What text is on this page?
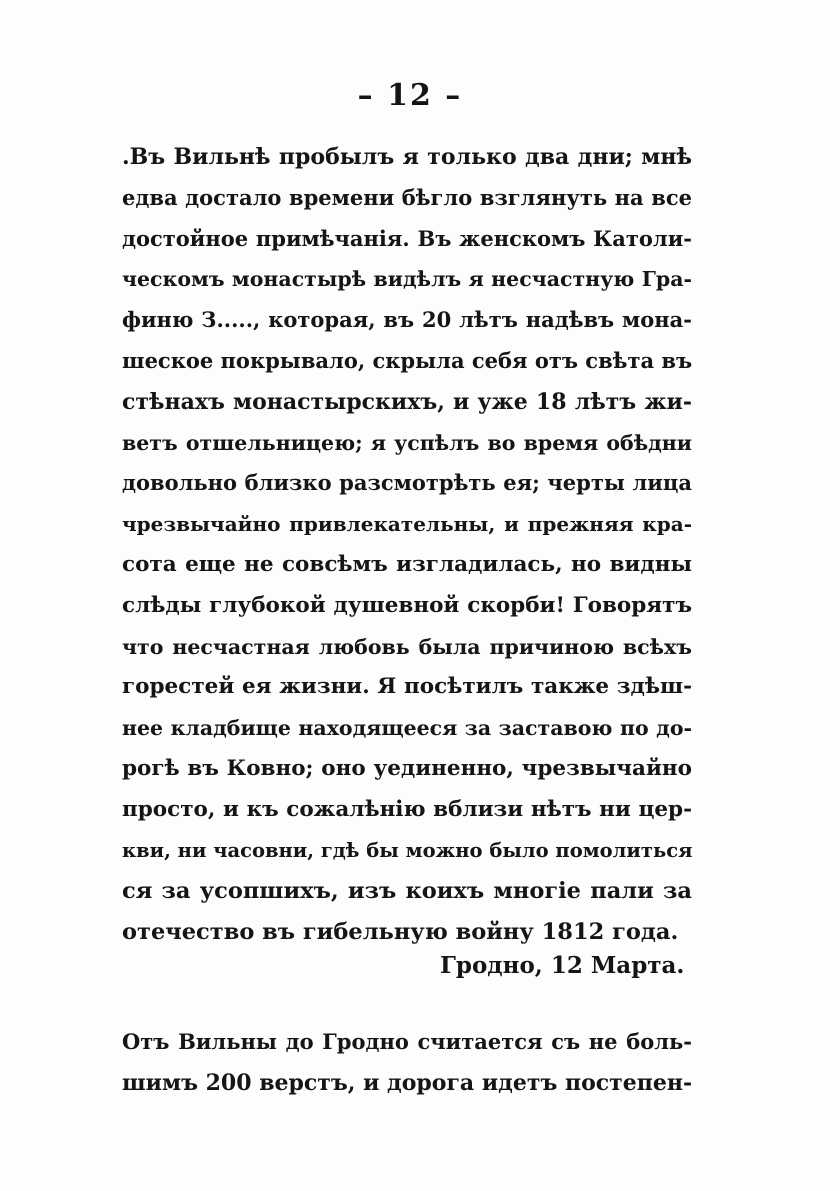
– 12 –
.Въ Вильнѣ пробылъ я только два дни; мнѣ
едва достало времени бѣгло взглянуть на все
достойное примѣчанія. Въ женскомъ Католи-
ческомъ монастырѣ видѣлъ я несчастную Гра-
финю З....., которая, въ 20 лѣтъ надѣвъ мона-
шеское покрывало, скрыла себя отъ свѣта въ
стѣнахъ монастырскихъ, и уже 18 лѣтъ жи-
ветъ отшельницею; я успѣлъ во время обѣдни
довольно близко разсмотрѣть ея; черты лица
чрезвычайно привлекательны, и прежняя кра-
сота еще не совсѣмъ изгладилась, но видны
слѣды глубокой душевной скорби! Говорятъ
что несчастная любовь была причиною всѣхъ
горестей ея жизни. Я посѣтилъ также здѣш-
нее кладбище находящееся за заставою по до-
рогѣ въ Ковно; оно уединенно, чрезвычайно
просто, и къ сожалѣнію вблизи нѣтъ ни цер-
кви, ни часовни, гдѣ бы можно было помолиться
ся за усопшихъ, изъ коихъ многіе пали за
отечество въ гибельную войну 1812 года.
Гродно, 12 Марта.
Отъ Вильны до Гродно считается съ не боль-
шимъ 200 верстъ, и дорога идетъ постепен-
